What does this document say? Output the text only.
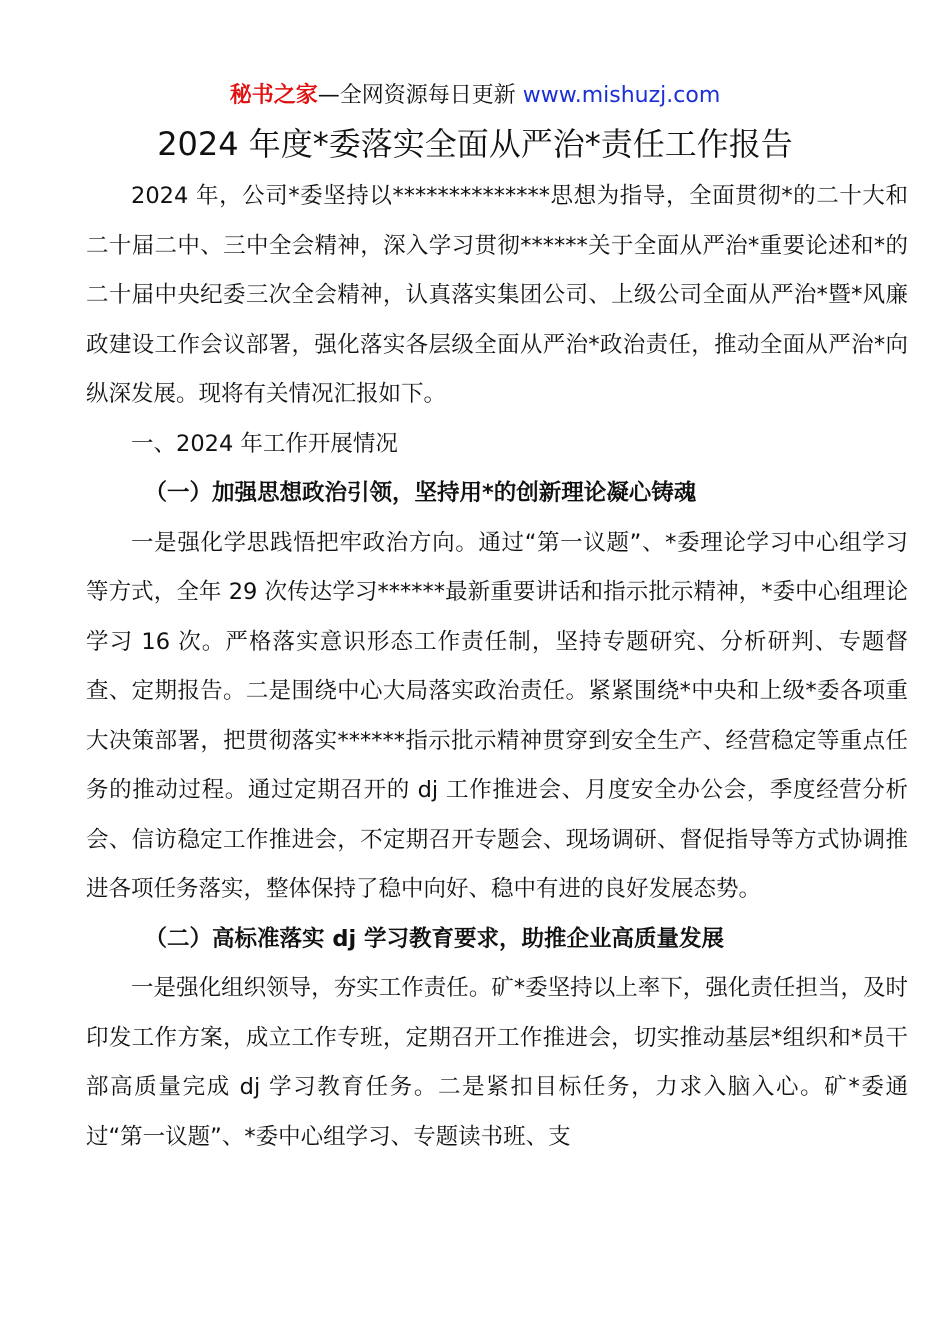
秘书之家—全网资源每日更新 www.mishuzj.com
2024 年度*委落实全面从严治*责任工作报告

2024 年，公司*委坚持以**************思想为指导，全面贯彻*的二十大和二十届二中、三中全会精神，深入学习贯彻******关于全面从严治*重要论述和*的二十届中央纪委三次全会精神，认真落实集团公司、上级公司全面从严治*暨*风廉政建设工作会议部署，强化落实各层级全面从严治*政治责任，推动全面从严治*向纵深发展。现将有关情况汇报如下。

一、2024 年工作开展情况

（一）加强思想政治引领，坚持用*的创新理论凝心铸魂

一是强化学思践悟把牢政治方向。通过“第一议题”、*委理论学习中心组学习等方式，全年 29 次传达学习******最新重要讲话和指示批示精神，*委中心组理论学习 16 次。严格落实意识形态工作责任制，坚持专题研究、分析研判、专题督查、定期报告。二是围绕中心大局落实政治责任。紧紧围绕*中央和上级*委各项重大决策部署，把贯彻落实******指示批示精神贯穿到安全生产、经营稳定等重点任务的推动过程。通过定期召开的 dj 工作推进会、月度安全办公会，季度经营分析会、信访稳定工作推进会，不定期召开专题会、现场调研、督促指导等方式协调推进各项任务落实，整体保持了稳中向好、稳中有进的良好发展态势。

（二）高标准落实 dj 学习教育要求，助推企业高质量发展

一是强化组织领导，夯实工作责任。矿*委坚持以上率下，强化责任担当，及时印发工作方案，成立工作专班，定期召开工作推进会，切实推动基层*组织和*员干部高质量完成 dj 学习教育任务。二是紧扣目标任务，力求入脑入心。矿*委通过“第一议题”、*委中心组学习、专题读书班、支
